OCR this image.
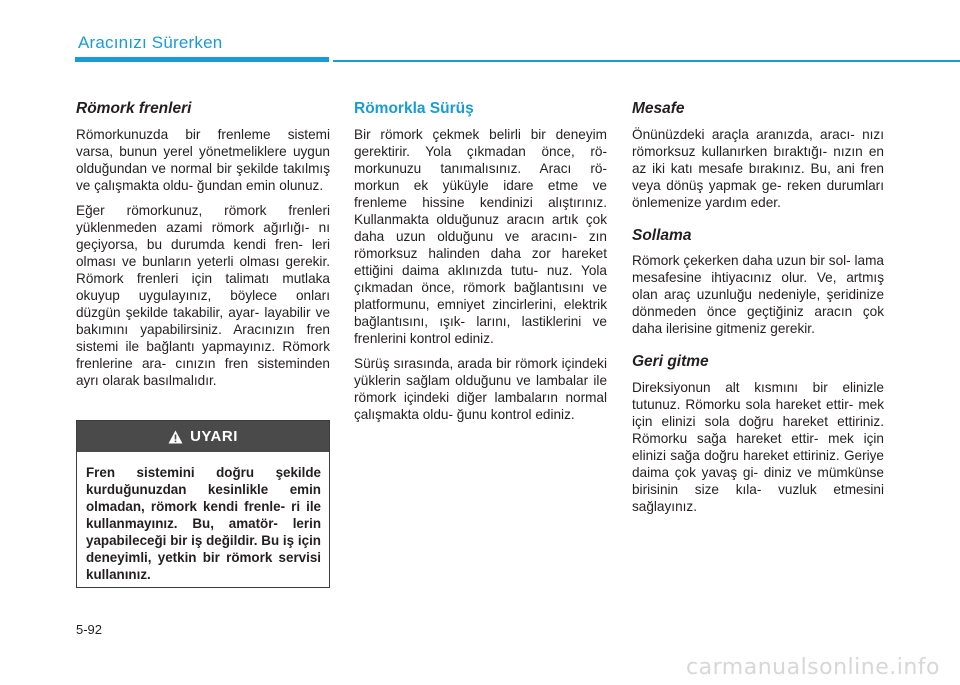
Aracınızı Sürerken
Römork frenleri

Römorkunuzda bir frenleme sistemi varsa, bunun yerel yönetmeliklere uygun olduğundan ve normal bir şekilde takılmış ve çalışmakta oldu- ğundan emin olunuz.

Eğer römorkunuz, römork frenleri yüklenmeden azami römork ağırlığı- nı geçiyorsa, bu durumda kendi fren- leri olması ve bunların yeterli olması gerekir. Römork frenleri için talimatı mutlaka okuyup uygulayınız, böylece onları düzgün şekilde takabilir, ayar- layabilir ve bakımını yapabilirsiniz. Aracınızın fren sistemi ile bağlantı yapmayınız. Römork frenlerine ara- cınızın fren sisteminden ayrı olarak basılmalıdır.

UYARI
Fren sistemini doğru şekilde kurduğunuzdan kesinlikle emin olmadan, römork kendi frenle- ri ile kullanmayınız. Bu, amatör- lerin yapabileceği bir iş değildir. Bu iş için deneyimli, yetkin bir römork servisi kullanınız.
Römorkla Sürüş

Bir römork çekmek belirli bir deneyim gerektirir. Yola çıkmadan önce, rö- morkunuzu tanımalısınız. Aracı rö- morkun ek yüküyle idare etme ve frenleme hissine kendinizi alıştırınız. Kullanmakta olduğunuz aracın artık çok daha uzun olduğunu ve aracını- zın römorksuz halinden daha zor hareket ettiğini daima aklınızda tutu- nuz. Yola çıkmadan önce, römork bağlantısını ve platformunu, emniyet zincirlerini, elektrik bağlantısını, ışık- larını, lastiklerini ve frenlerini kontrol ediniz.

Sürüş sırasında, arada bir römork içindeki yüklerin sağlam olduğunu ve lambalar ile römork içindeki diğer lambaların normal çalışmakta oldu- ğunu kontrol ediniz.

Mesafe

Önünüzdeki araçla aranızda, aracı- nızı römorksuz kullanırken bıraktığı- nızın en az iki katı mesafe bırakınız. Bu, ani fren veya dönüş yapmak ge- reken durumları önlemenize yardım eder.

Sollama

Römork çekerken daha uzun bir sol- lama mesafesine ihtiyacınız olur. Ve, artmış olan araç uzunluğu nedeniyle, şeridinize dönmeden önce geçtiğiniz aracın çok daha ilerisine gitmeniz gerekir.

Geri gitme

Direksiyonun alt kısmını bir elinizle tutunuz. Römorku sola hareket ettir- mek için elinizi sola doğru hareket ettiriniz. Römorku sağa hareket ettir- mek için elinizi sağa doğru hareket ettiriniz. Geriye daima çok yavaş gi- diniz ve mümkünse birisinin size kıla- vuzluk etmesini sağlayınız.

5-92
carmanualsonline.info
